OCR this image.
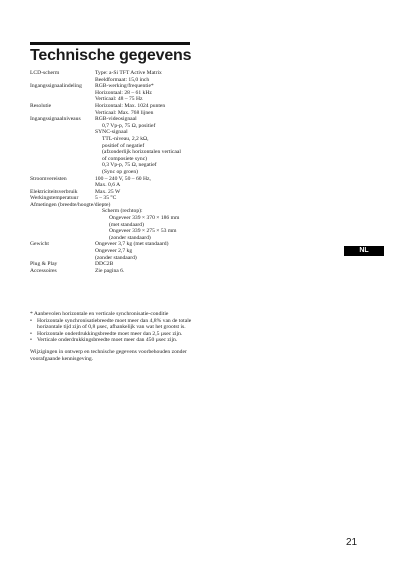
Technische gegevens
LCD-scherm	Type: a-Si TFT Active Matrix
Beeldformaat: 15,0 inch
Ingangssignaalindeling	RGB-werking/frequentie*
Horizontaal: 28 – 61 kHz
Verticaal: 48 – 75 Hz
Resolutie	Horizontaal: Max. 1024 punten
Verticaal: Max. 768 lijnen
Ingangssignaalniveaus	RGB-videosignaal
0,7 Vp-p, 75 Ω, positief
SYNC-signaal
TTL-niveau, 2,2 kΩ,
positief of negatief
(afzonderlijk horizontalen verticaal
of composiete sync)
0,3 Vp-p, 75 Ω, negatief
(Sync op groen)
Stroomvereisten	100 – 240 V, 50 – 60 Hz,
Max. 0,6 A
Elektriciteitsverbruik	Max. 25 W
Werkingstemperatuur	5 – 35 °C
Afmetingen (breedte/hoogte/diepte)
Scherm (rechtop):
Ongeveer 339 × 370 × 186 mm
(met standaard)
Ongeveer 339 × 275 × 53 mm
(zonder standaard)
Gewicht	Ongeveer 3,7 kg (met standaard)
Ongeveer 2,7 kg
(zonder standaard)
Plug & Play	DDC2B
Accessoires	Zie pagina 6.
* Aanbevolen horizontale en verticale synchronisatie-conditie
• Horizontale synchronisatiebreedte moet meer dan 4,8% van de totale horizontale tijd zijn of 0,8 µsec, afhankelijk van wat het grootst is.
• Horizontale onderdrukkingsbreedte moet meer dan 2,5 µsec zijn.
• Verticale onderdrukkingsbreedte moet meer dan 450 µsec zijn.

Wijzigingen in ontwerp en technische gegevens voorbehouden zonder voorafgaande kennisgeving.

NL
21
